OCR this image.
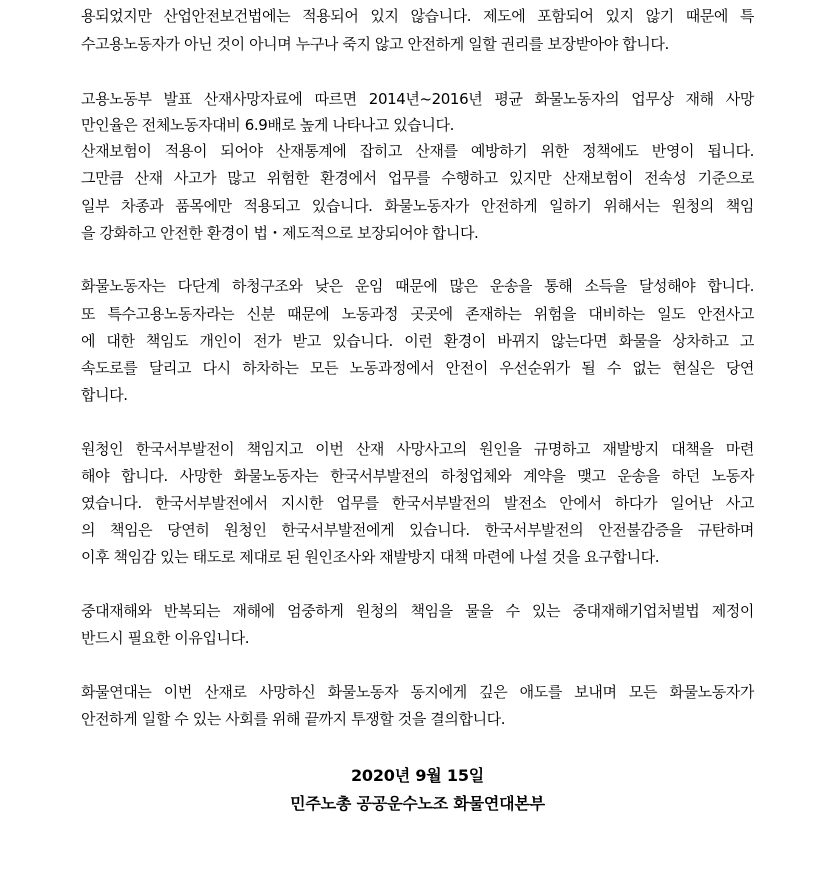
용되었지만 산업안전보건법에는 적용되어 있지 않습니다. 제도에 포함되어 있지 않기 때문에 특
수고용노동자가 아닌 것이 아니며 누구나 죽지 않고 안전하게 일할 권리를 보장받아야 합니다.
고용노동부 발표 산재사망자료에 따르면 2014년~2016년 평균 화물노동자의 업무상 재해 사망
만인율은 전체노동자대비 6.9배로 높게 나타나고 있습니다.
산재보험이 적용이 되어야 산재통계에 잡히고 산재를 예방하기 위한 정책에도 반영이 됩니다.
그만큼 산재 사고가 많고 위험한 환경에서 업무를 수행하고 있지만 산재보험이 전속성 기준으로
일부 차종과 품목에만 적용되고 있습니다. 화물노동자가 안전하게 일하기 위해서는 원청의 책임
을 강화하고 안전한 환경이 법・제도적으로 보장되어야 합니다.
화물노동자는 다단계 하청구조와 낮은 운임 때문에 많은 운송을 통해 소득을 달성해야 합니다.
또 특수고용노동자라는 신분 때문에 노동과정 곳곳에 존재하는 위험을 대비하는 일도 안전사고
에 대한 책임도 개인이 전가 받고 있습니다. 이런 환경이 바뀌지 않는다면 화물을 상차하고 고
속도로를 달리고 다시 하차하는 모든 노동과정에서 안전이 우선순위가 될 수 없는 현실은 당연
합니다.
원청인 한국서부발전이 책임지고 이번 산재 사망사고의 원인을 규명하고 재발방지 대책을 마련
해야 합니다. 사망한 화물노동자는 한국서부발전의 하청업체와 계약을 맺고 운송을 하던 노동자
였습니다. 한국서부발전에서 지시한 업무를 한국서부발전의 발전소 안에서 하다가 일어난 사고
의 책임은 당연히 원청인 한국서부발전에게 있습니다. 한국서부발전의 안전불감증을 규탄하며
이후 책임감 있는 태도로 제대로 된 원인조사와 재발방지 대책 마련에 나설 것을 요구합니다.
중대재해와 반복되는 재해에 엄중하게 원청의 책임을 물을 수 있는 중대재해기업처벌법 제정이
반드시 필요한 이유입니다.
화물연대는 이번 산재로 사망하신 화물노동자 동지에게 깊은 애도를 보내며 모든 화물노동자가
안전하게 일할 수 있는 사회를 위해 끝까지 투쟁할 것을 결의합니다.
2020년 9월 15일
민주노총 공공운수노조 화물연대본부
